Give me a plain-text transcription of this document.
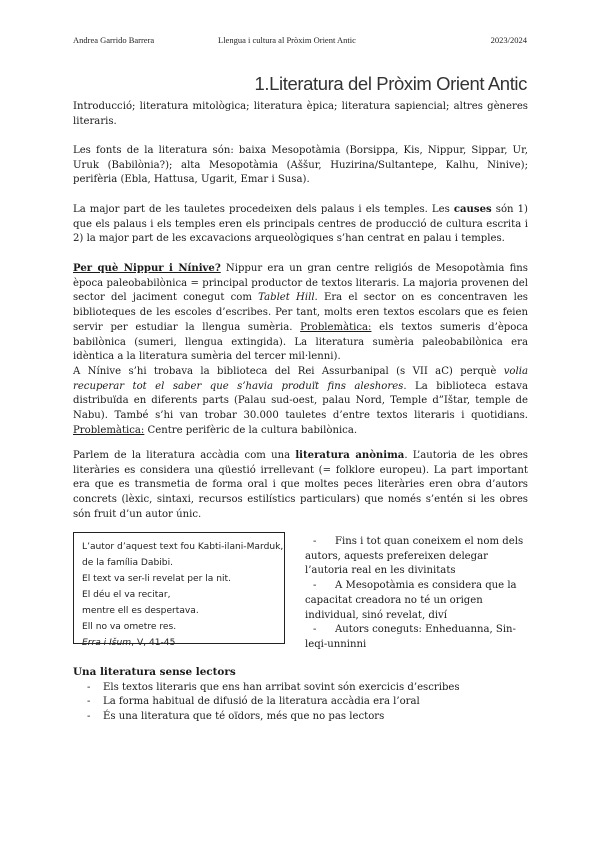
Andrea Garrido Barrera	Llengua i cultura al Pròxim Orient Antic	2023/2024
1.Literatura del Pròxim Orient Antic

Introducció; literatura mitològica; literatura èpica; literatura sapiencial; altres gèneres literaris.

Les fonts de la literatura són: baixa Mesopotàmia (Borsippa, Kis, Nippur, Sippar, Ur, Uruk (Babilònia?); alta Mesopotàmia (Aššur, Huzirina/Sultantepe, Kalhu, Ninive); perifèria (Ebla, Hattusa, Ugarit, Emar i Susa).

La major part de les tauletes procedeixen dels palaus i els temples. Les causes són 1) que els palaus i els temples eren els principals centres de producció de cultura escrita i 2) la major part de les excavacions arqueològiques s’han centrat en palau i temples.

Per què Nippur i Nínive? Nippur era un gran centre religiós de Mesopotàmia fins època paleobabilònica = principal productor de textos literaris. La majoria provenen del sector del jaciment conegut com Tablet Hill. Era el sector on es concentraven les biblioteques de les escoles d’escribes. Per tant, molts eren textos escolars que es feien servir per estudiar la llengua sumèria. Problemàtica: els textos sumeris d’època babilònica (sumeri, llengua extingida). La literatura sumèria paleobabilònica era idèntica a la literatura sumèria del tercer mil·lenni).

A Nínive s’hi trobava la biblioteca del Rei Assurbanipal (s VII aC) perquè volia recuperar tot el saber que s’havia produït fins aleshores. La biblioteca estava distribuïda en diferents parts (Palau sud-oest, palau Nord, Temple d”Ištar, temple de Nabu). També s’hi van trobar 30.000 tauletes d’entre textos literaris i quotidians. Problemàtica: Centre perifèric de la cultura babilònica.

Parlem de la literatura accàdia com una literatura anònima. L’autoria de les obres literàries es considera una qüestió irrellevant (= folklore europeu). La part important era que es transmetia de forma oral i que moltes peces literàries eren obra d’autors concrets (lèxic, sintaxi, recursos estilístics particulars) que només s’entén si les obres són fruit d’un autor únic.

L’autor d’aquest text fou Kabti-ilani-Marduk,
de la família Dabibi.
El text va ser-li revelat per la nit.
El déu el va recitar,
mentre ell es despertava.
Ell no va ometre res.
Erra i Išum, V, 41-45
- Fins i tot quan coneixem el nom dels autors, aquests prefereixen delegar l’autoria real en les divinitats
- A Mesopotàmia es considera que la capacitat creadora no té un origen individual, sinó revelat, diví
- Autors coneguts: Enheduanna, Sin-leqi-unninni
Una literatura sense lectors
- Els textos literaris que ens han arribat sovint són exercicis d’escribes
- La forma habitual de difusió de la literatura accàdia era l’oral
- És una literatura que té oïdors, més que no pas lectors
